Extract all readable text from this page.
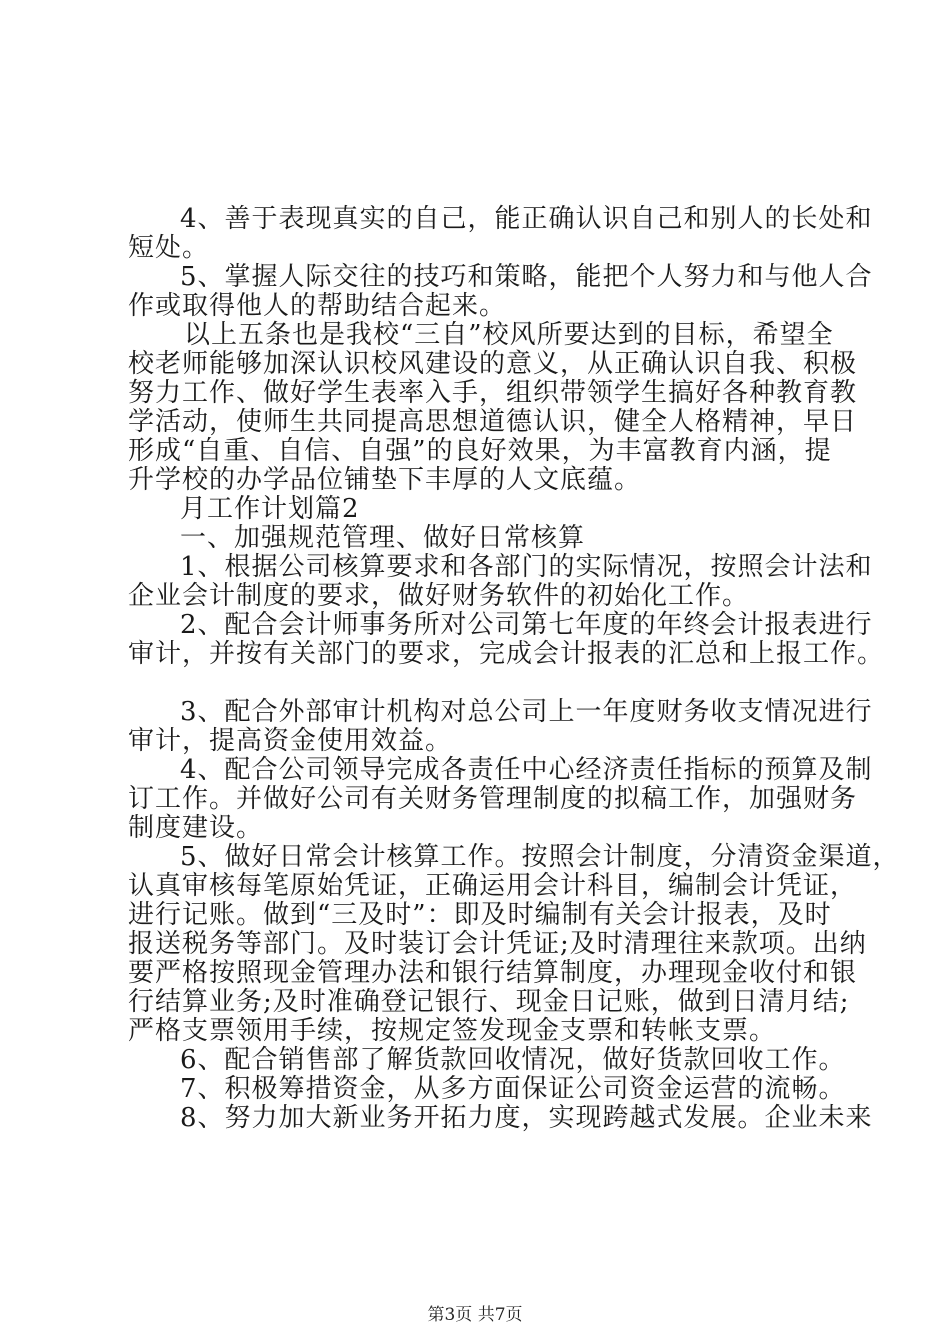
4、善于表现真实的自己，能正确认识自己和别人的长处和
短处。
5、掌握人际交往的技巧和策略，能把个人努力和与他人合
作或取得他人的帮助结合起来。
以上五条也是我校“三自”校风所要达到的目标，希望全
校老师能够加深认识校风建设的意义，从正确认识自我、积极
努力工作、做好学生表率入手，组织带领学生搞好各种教育教
学活动，使师生共同提高思想道德认识，健全人格精神，早日
形成“自重、自信、自强”的良好效果，为丰富教育内涵，提
升学校的办学品位铺垫下丰厚的人文底蕴。
月工作计划篇2
一、加强规范管理、做好日常核算
1、根据公司核算要求和各部门的实际情况，按照会计法和
企业会计制度的要求，做好财务软件的初始化工作。
2、配合会计师事务所对公司第七年度的年终会计报表进行
审计，并按有关部门的要求，完成会计报表的汇总和上报工作。
3、配合外部审计机构对总公司上一年度财务收支情况进行
审计，提高资金使用效益。
4、配合公司领导完成各责任中心经济责任指标的预算及制
订工作。并做好公司有关财务管理制度的拟稿工作，加强财务
制度建设。
5、做好日常会计核算工作。按照会计制度，分清资金渠道，
认真审核每笔原始凭证，正确运用会计科目，编制会计凭证，
进行记账。做到“三及时”：即及时编制有关会计报表，及时
报送税务等部门。及时装订会计凭证;及时清理往来款项。出纳
要严格按照现金管理办法和银行结算制度，办理现金收付和银
行结算业务;及时准确登记银行、现金日记账，做到日清月结;
严格支票领用手续，按规定签发现金支票和转帐支票。
6、配合销售部了解货款回收情况，做好货款回收工作。
7、积极筹措资金，从多方面保证公司资金运营的流畅。
8、努力加大新业务开拓力度，实现跨越式发展。企业未来
第3页 共7页
